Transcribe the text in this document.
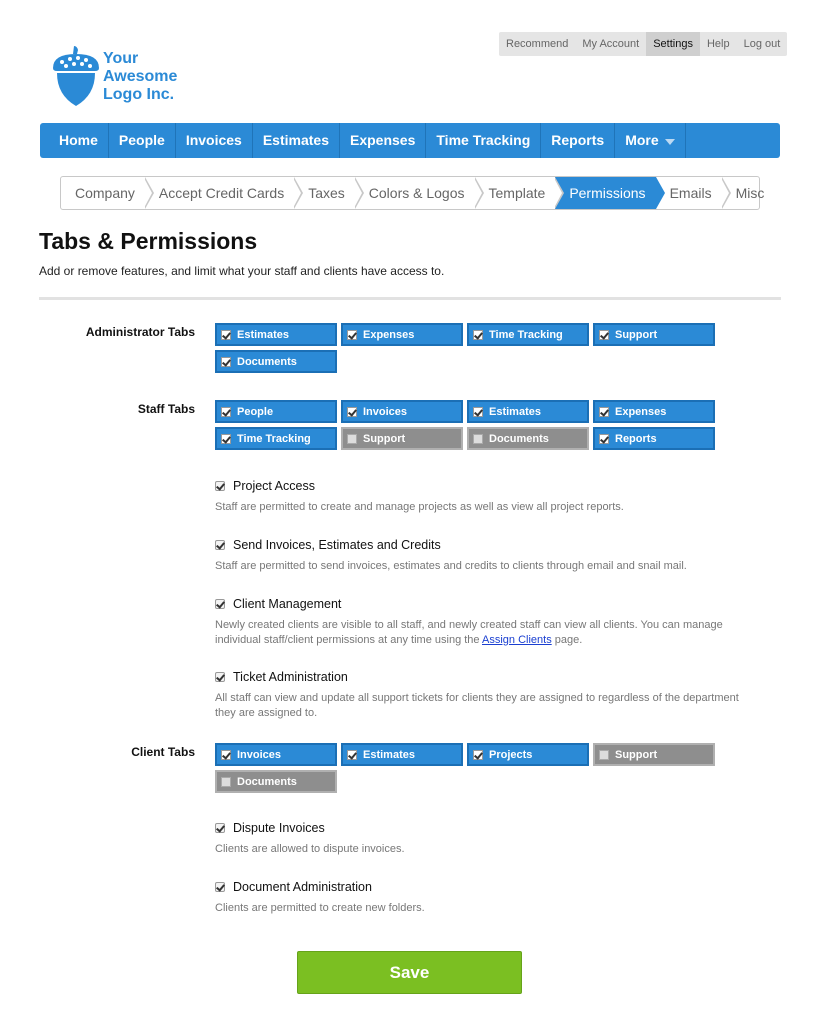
Your
Awesome
Logo Inc.
Recommend	My Account	Settings	Help	Log out
Home	People	Invoices	Estimates	Expenses	Time Tracking	Reports	More
Company	Accept Credit Cards	Taxes	Colors & Logos	Template	Permissions	Emails	Misc
Tabs & Permissions

Add or remove features, and limit what your staff and clients have access to.

Administrator Tabs	Estimates	Expenses	Time Tracking	Support
Documents
Staff Tabs	People	Invoices	Estimates	Expenses
Time Tracking	Support	Documents	Reports
Project Access
Staff are permitted to create and manage projects as well as view all project reports.
Send Invoices, Estimates and Credits
Staff are permitted to send invoices, estimates and credits to clients through email and snail mail.
Client Management
Newly created clients are visible to all staff, and newly created staff can view all clients. You can manage individual staff/client permissions at any time using the Assign Clients page.
Ticket Administration
All staff can view and update all support tickets for clients they are assigned to regardless of the department they are assigned to.
Client Tabs	Invoices	Estimates	Projects	Support
Documents
Dispute Invoices
Clients are allowed to dispute invoices.
Document Administration
Clients are permitted to create new folders.
Save
